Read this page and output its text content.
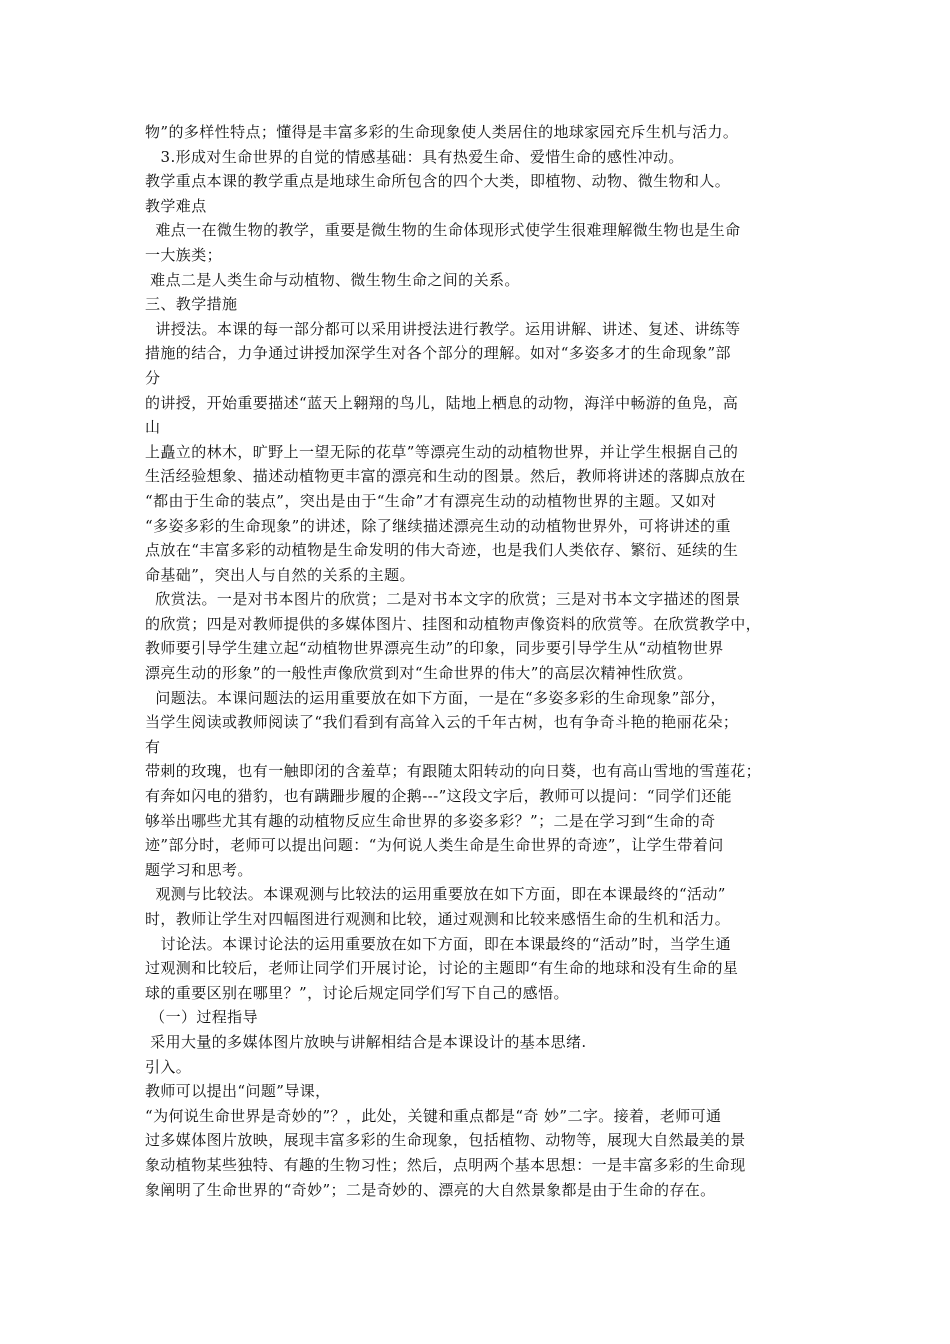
物”的多样性特点；懂得是丰富多彩的生命现象使人类居住的地球家园充斥生机与活力。
3.形成对生命世界的自觉的情感基础：具有热爱生命、爱惜生命的感性冲动。
教学重点本课的教学重点是地球生命所包含的四个大类，即植物、动物、微生物和人。
教学难点
难点一在微生物的教学，重要是微生物的生命体现形式使学生很难理解微生物也是生命
一大族类；
难点二是人类生命与动植物、微生物生命之间的关系。
三、教学措施
讲授法。本课的每一部分都可以采用讲授法进行教学。运用讲解、讲述、复述、讲练等
措施的结合，力争通过讲授加深学生对各个部分的理解。如对“多姿多才的生命现象”部
分
的讲授，开始重要描述“蓝天上翱翔的鸟儿，陆地上栖息的动物，海洋中畅游的鱼凫，高
山
上矗立的林木，旷野上一望无际的花草”等漂亮生动的动植物世界，并让学生根据自己的
生活经验想象、描述动植物更丰富的漂亮和生动的图景。然后，教师将讲述的落脚点放在
“都由于生命的装点”，突出是由于“生命”才有漂亮生动的动植物世界的主题。又如对
“多姿多彩的生命现象”的讲述，除了继续描述漂亮生动的动植物世界外，可将讲述的重
点放在“丰富多彩的动植物是生命发明的伟大奇迹，也是我们人类依存、繁衍、延续的生
命基础”，突出人与自然的关系的主题。
欣赏法。一是对书本图片的欣赏；二是对书本文字的欣赏；三是对书本文字描述的图景
的欣赏；四是对教师提供的多媒体图片、挂图和动植物声像资料的欣赏等。在欣赏教学中，
教师要引导学生建立起“动植物世界漂亮生动”的印象，同步要引导学生从“动植物世界
漂亮生动的形象”的一般性声像欣赏到对“生命世界的伟大”的高层次精神性欣赏。
问题法。本课问题法的运用重要放在如下方面，一是在“多姿多彩的生命现象”部分，
当学生阅读或教师阅读了“我们看到有高耸入云的千年古树，也有争奇斗艳的艳丽花朵；
有
带刺的玫瑰，也有一触即闭的含羞草；有跟随太阳转动的向日葵，也有高山雪地的雪莲花；
有奔如闪电的猎豹，也有蹒跚步履的企鹅---”这段文字后，教师可以提问：“同学们还能
够举出哪些尤其有趣的动植物反应生命世界的多姿多彩？”；二是在学习到“生命的奇
迹”部分时，老师可以提出问题：“为何说人类生命是生命世界的奇迹”，让学生带着问
题学习和思考。
观测与比较法。本课观测与比较法的运用重要放在如下方面，即在本课最终的“活动”
时，教师让学生对四幅图进行观测和比较，通过观测和比较来感悟生命的生机和活力。
讨论法。本课讨论法的运用重要放在如下方面，即在本课最终的“活动”时，当学生通
过观测和比较后，老师让同学们开展讨论，讨论的主题即“有生命的地球和没有生命的星
球的重要区别在哪里？”，讨论后规定同学们写下自己的感悟。
（一）过程指导
采用大量的多媒体图片放映与讲解相结合是本课设计的基本思绪.
引入。
教师可以提出“问题”导课，
“为何说生命世界是奇妙的”？，此处，关键和重点都是“奇 妙”二字。接着，老师可通
过多媒体图片放映，展现丰富多彩的生命现象，包括植物、动物等，展现大自然最美的景
象动植物某些独特、有趣的生物习性；然后，点明两个基本思想：一是丰富多彩的生命现
象阐明了生命世界的“奇妙”；二是奇妙的、漂亮的大自然景象都是由于生命的存在。
